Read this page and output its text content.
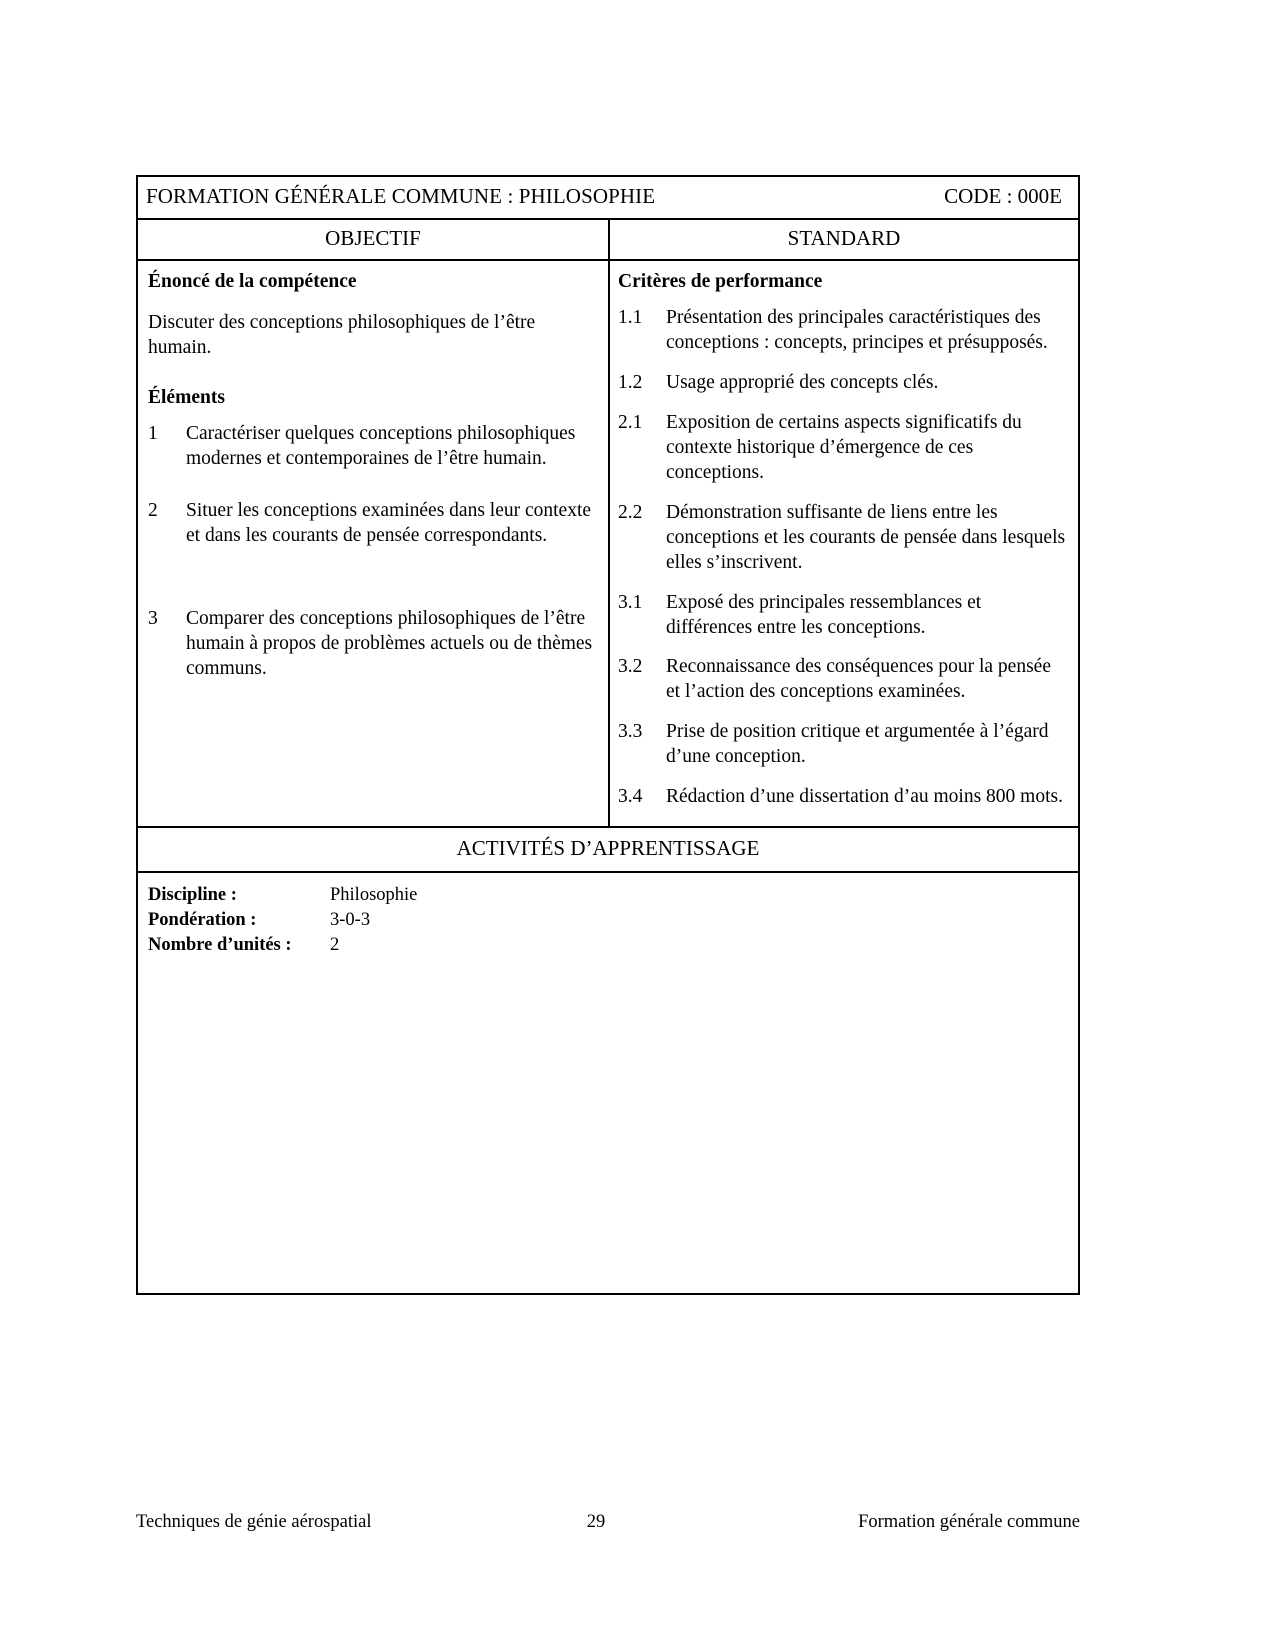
FORMATION GÉNÉRALE COMMUNE : PHILOSOPHIE	CODE : 000E
OBJECTIF	STANDARD
Énoncé de la compétence
Discuter des conceptions philosophiques de l’être humain.
Éléments
1	Caractériser quelques conceptions philosophiques modernes et contemporaines de l’être humain.
2	Situer les conceptions examinées dans leur contexte et dans les courants de pensée correspondants.
3	Comparer des conceptions philosophiques de l’être humain à propos de problèmes actuels ou de thèmes communs.
Critères de performance
1.1	Présentation des principales caractéristiques des conceptions : concepts, principes et présupposés.
1.2	Usage approprié des concepts clés.
2.1	Exposition de certains aspects significatifs du contexte historique d’émergence de ces conceptions.
2.2	Démonstration suffisante de liens entre les conceptions et les courants de pensée dans lesquels elles s’inscrivent.
3.1	Exposé des principales ressemblances et différences entre les conceptions.
3.2	Reconnaissance des conséquences pour la pensée et l’action des conceptions examinées.
3.3	Prise de position critique et argumentée à l’égard d’une conception.
3.4	Rédaction d’une dissertation d’au moins 800 mots.
ACTIVITÉS D’APPRENTISSAGE
Discipline :	Philosophie
Pondération :	3-0-3
Nombre d’unités :	2
Techniques de génie aérospatial	29	Formation générale commune
